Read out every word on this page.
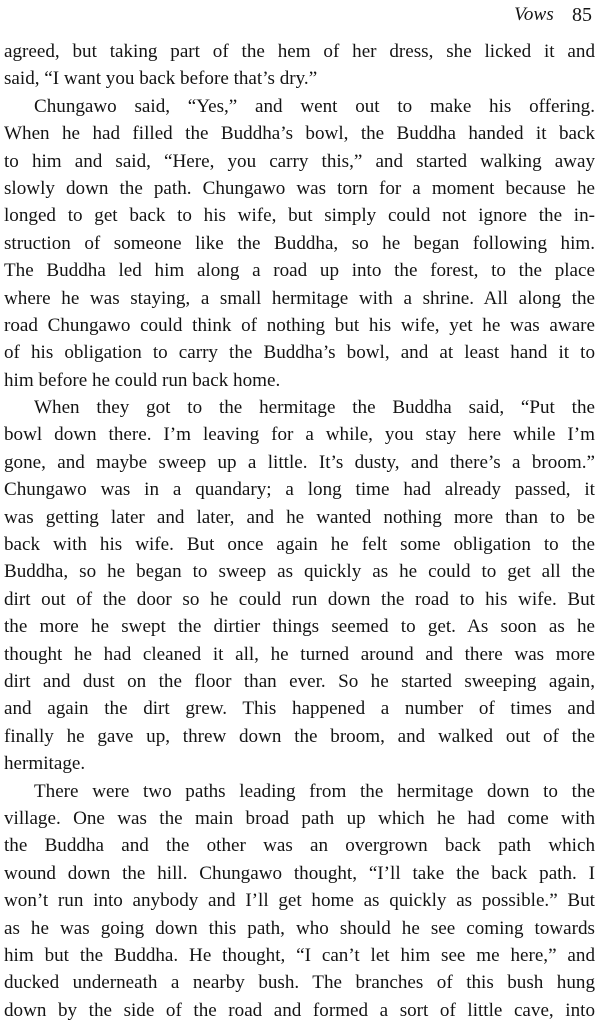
Vows 85
agreed, but taking part of the hem of her dress, she licked it and
said, “I want you back before that’s dry.”
Chungawo said, “Yes,” and went out to make his offering.
When he had filled the Buddha’s bowl, the Buddha handed it back
to him and said, “Here, you carry this,” and started walking away
slowly down the path. Chungawo was torn for a moment because he
longed to get back to his wife, but simply could not ignore the in-
struction of someone like the Buddha, so he began following him.
The Buddha led him along a road up into the forest, to the place
where he was staying, a small hermitage with a shrine. All along the
road Chungawo could think of nothing but his wife, yet he was aware
of his obligation to carry the Buddha’s bowl, and at least hand it to
him before he could run back home.
When they got to the hermitage the Buddha said, “Put the
bowl down there. I’m leaving for a while, you stay here while I’m
gone, and maybe sweep up a little. It’s dusty, and there’s a broom.”
Chungawo was in a quandary; a long time had already passed, it
was getting later and later, and he wanted nothing more than to be
back with his wife. But once again he felt some obligation to the
Buddha, so he began to sweep as quickly as he could to get all the
dirt out of the door so he could run down the road to his wife. But
the more he swept the dirtier things seemed to get. As soon as he
thought he had cleaned it all, he turned around and there was more
dirt and dust on the floor than ever. So he started sweeping again,
and again the dirt grew. This happened a number of times and
finally he gave up, threw down the broom, and walked out of the
hermitage.
There were two paths leading from the hermitage down to the
village. One was the main broad path up which he had come with
the Buddha and the other was an overgrown back path which
wound down the hill. Chungawo thought, “I’ll take the back path. I
won’t run into anybody and I’ll get home as quickly as possible.” But
as he was going down this path, who should he see coming towards
him but the Buddha. He thought, “I can’t let him see me here,” and
ducked underneath a nearby bush. The branches of this bush hung
down by the side of the road and formed a sort of little cave, into
